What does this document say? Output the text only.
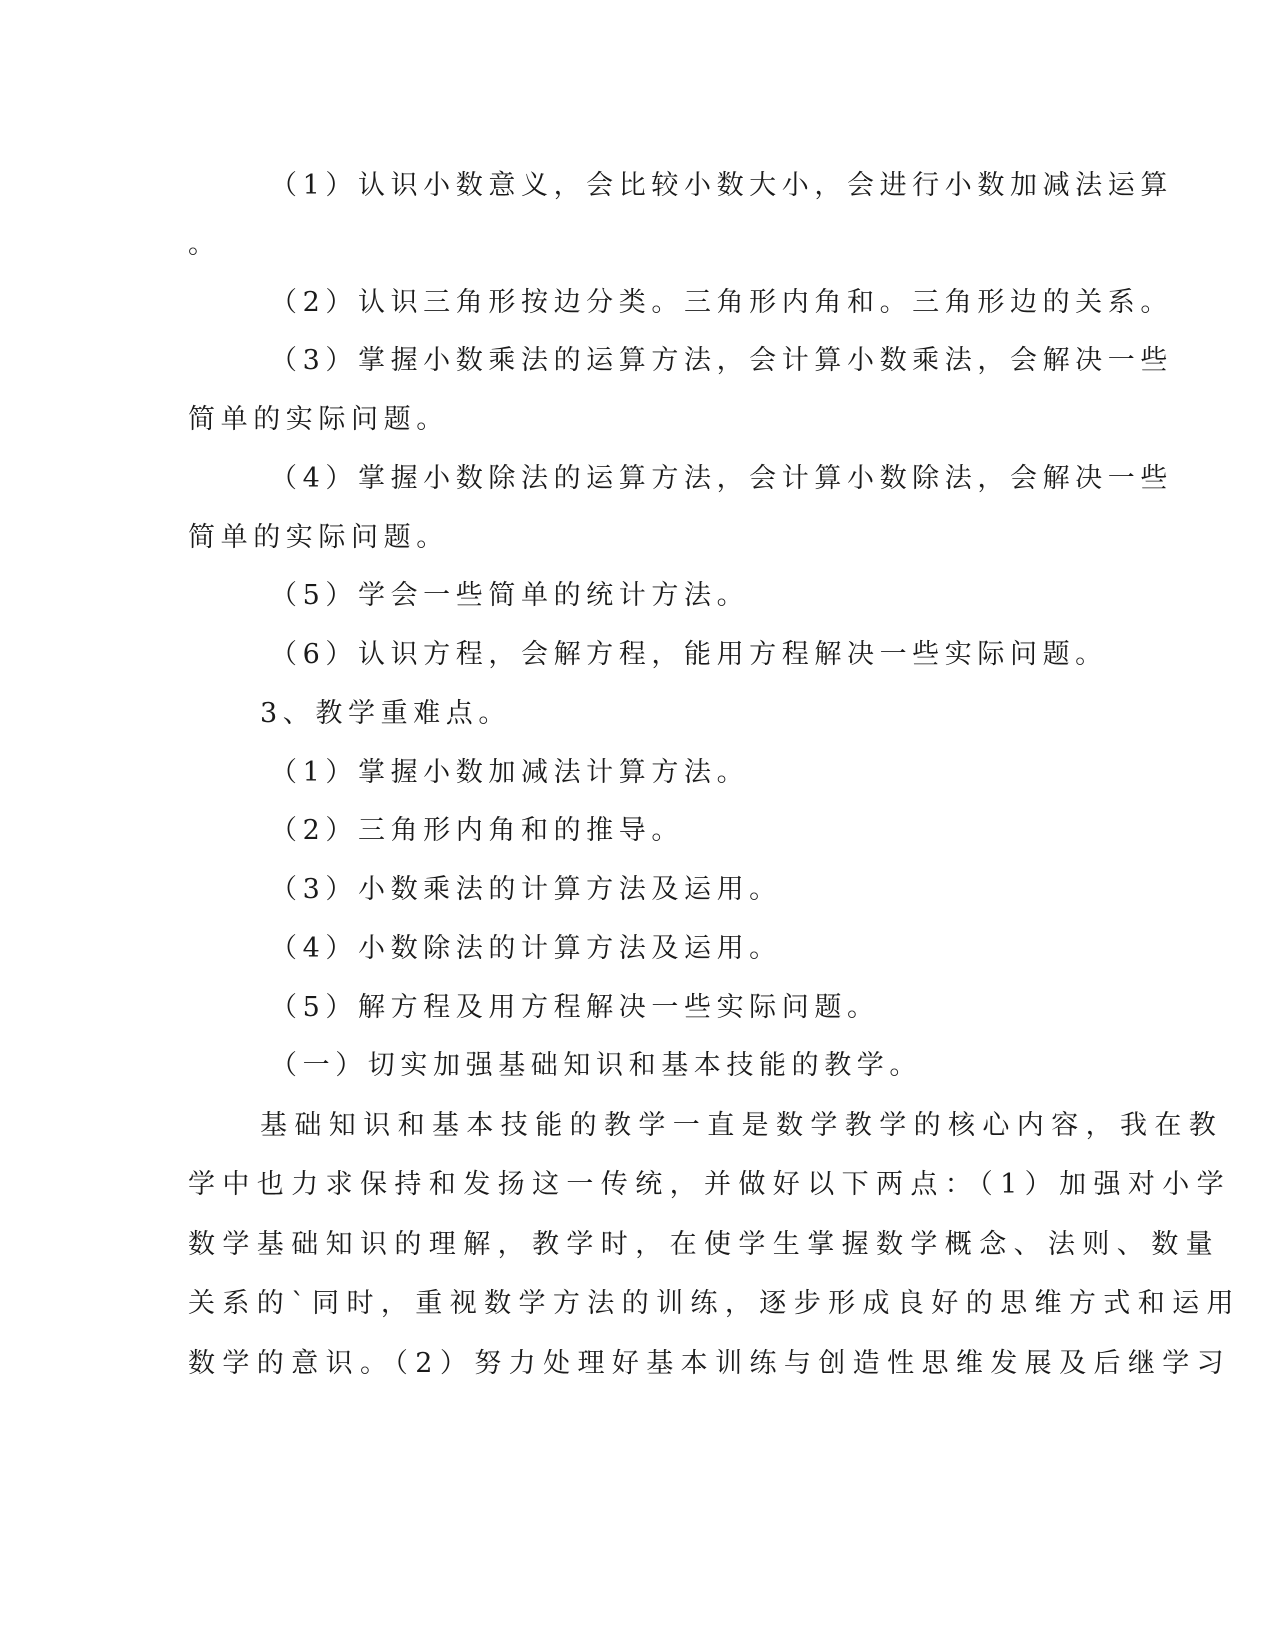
（1）认识小数意义，会比较小数大小，会进行小数加减法运算
。
（2）认识三角形按边分类。三角形内角和。三角形边的关系。
（3）掌握小数乘法的运算方法，会计算小数乘法，会解决一些
简单的实际问题。
（4）掌握小数除法的运算方法，会计算小数除法，会解决一些
简单的实际问题。
（5）学会一些简单的统计方法。
（6）认识方程，会解方程，能用方程解决一些实际问题。
3、教学重难点。
（1）掌握小数加减法计算方法。
（2）三角形内角和的推导。
（3）小数乘法的计算方法及运用。
（4）小数除法的计算方法及运用。
（5）解方程及用方程解决一些实际问题。
（一）切实加强基础知识和基本技能的教学。
基础知识和基本技能的教学一直是数学教学的核心内容，我在教
学中也力求保持和发扬这一传统，并做好以下两点：（1）加强对小学
数学基础知识的理解，教学时，在使学生掌握数学概念、法则、数量
关系的`同时，重视数学方法的训练，逐步形成良好的思维方式和运用
数学的意识。（2）努力处理好基本训练与创造性思维发展及后继学习
